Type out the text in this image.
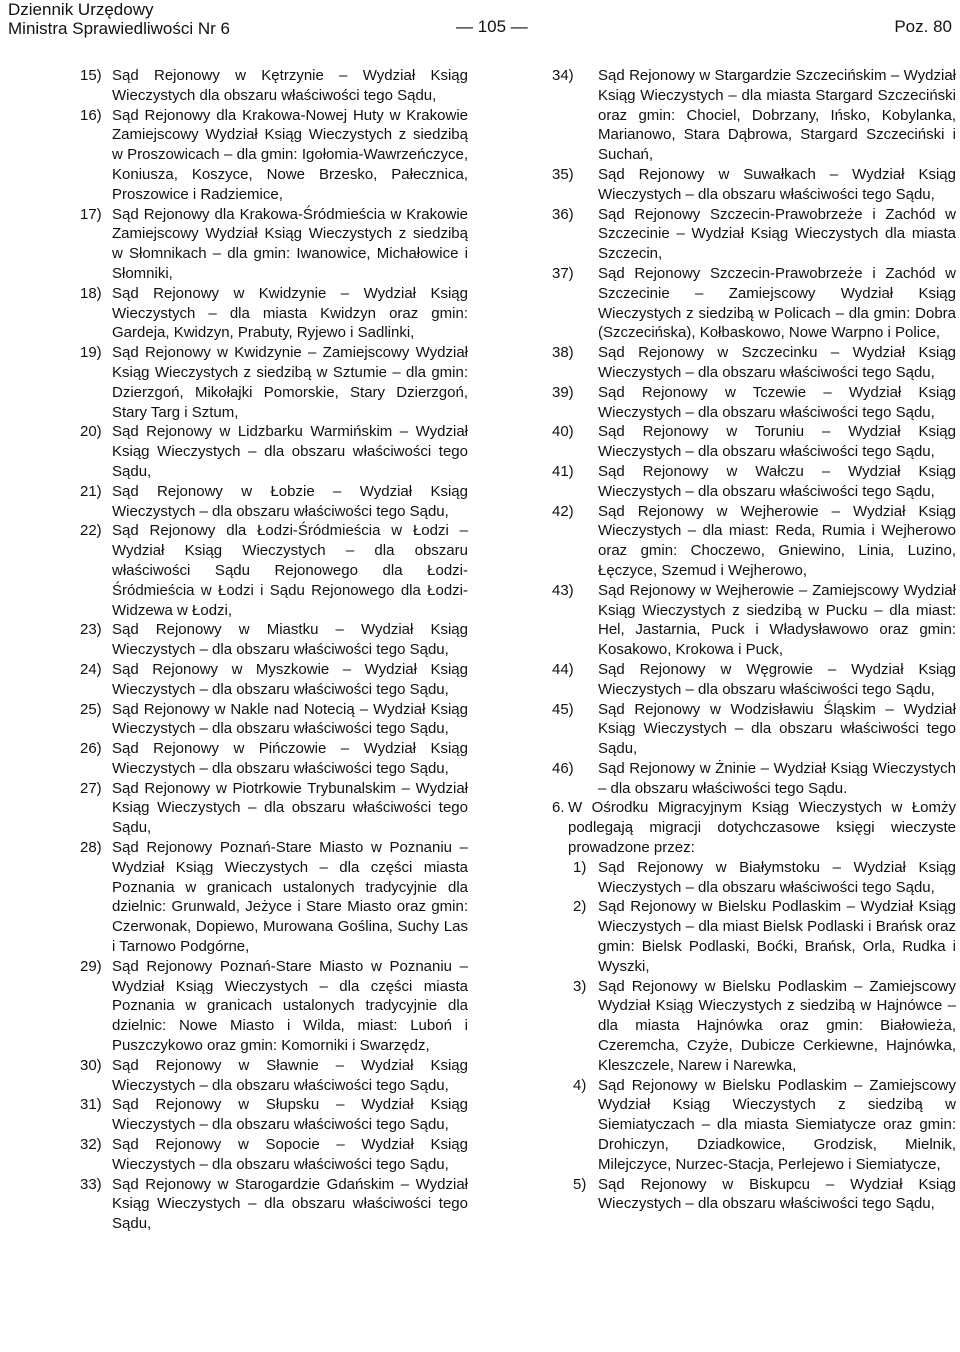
Dziennik Urzędowy
Ministra Sprawiedliwości Nr 6	— 105 —	Poz. 80

15) Sąd Rejonowy w Kętrzynie – Wydział Ksiąg Wieczystych dla obszaru właściwości tego Sądu,

16) Sąd Rejonowy dla Krakowa-Nowej Huty w Krakowie Zamiejscowy Wydział Ksiąg Wieczystych z siedzibą w Proszowicach – dla gmin: Igołomia-Wawrzeńczyce, Koniusza, Koszyce, Nowe Brzesko, Pałecznica, Proszowice i Radziemice,

17) Sąd Rejonowy dla Krakowa-Śródmieścia w Krakowie Zamiejscowy Wydział Ksiąg Wieczystych z siedzibą w Słomnikach – dla gmin: Iwanowice, Michałowice i Słomniki,

18) Sąd Rejonowy w Kwidzynie – Wydział Ksiąg Wieczystych – dla miasta Kwidzyn oraz gmin: Gardeja, Kwidzyn, Prabuty, Ryjewo i Sadlinki,

19) Sąd Rejonowy w Kwidzynie – Zamiejscowy Wydział Ksiąg Wieczystych z siedzibą w Sztumie – dla gmin: Dzierzgoń, Mikołajki Pomorskie, Stary Dzierzgoń, Stary Targ i Sztum,

20) Sąd Rejonowy w Lidzbarku Warmińskim – Wydział Ksiąg Wieczystych – dla obszaru właściwości tego Sądu,

21) Sąd Rejonowy w Łobzie – Wydział Ksiąg Wieczystych – dla obszaru właściwości tego Sądu,

22) Sąd Rejonowy dla Łodzi-Śródmieścia w Łodzi – Wydział Ksiąg Wieczystych – dla obszaru właściwości Sądu Rejonowego dla Łodzi-Śródmieścia w Łodzi i Sądu Rejonowego dla Łodzi-Widzewa w Łodzi,

23) Sąd Rejonowy w Miastku – Wydział Ksiąg Wieczystych – dla obszaru właściwości tego Sądu,

24) Sąd Rejonowy w Myszkowie – Wydział Ksiąg Wieczystych – dla obszaru właściwości tego Sądu,

25) Sąd Rejonowy w Nakle nad Notecią – Wydział Ksiąg Wieczystych – dla obszaru właściwości tego Sądu,

26) Sąd Rejonowy w Pińczowie – Wydział Ksiąg Wieczystych – dla obszaru właściwości tego Sądu,

27) Sąd Rejonowy w Piotrkowie Trybunalskim – Wydział Ksiąg Wieczystych – dla obszaru właściwości tego Sądu,

28) Sąd Rejonowy Poznań-Stare Miasto w Poznaniu – Wydział Ksiąg Wieczystych – dla części miasta Poznania w granicach ustalonych tradycyjnie dla dzielnic: Grunwald, Jeżyce i Stare Miasto oraz gmin: Czerwonak, Dopiewo, Murowana Goślina, Suchy Las i Tarnowo Podgórne,

29) Sąd Rejonowy Poznań-Stare Miasto w Poznaniu – Wydział Ksiąg Wieczystych – dla części miasta Poznania w granicach ustalonych tradycyjnie dla dzielnic: Nowe Miasto i Wilda, miast: Luboń i Puszczykowo oraz gmin: Komorniki i Swarzędz,

30) Sąd Rejonowy w Sławnie – Wydział Ksiąg Wieczystych – dla obszaru właściwości tego Sądu,

31) Sąd Rejonowy w Słupsku – Wydział Ksiąg Wieczystych – dla obszaru właściwości tego Sądu,

32) Sąd Rejonowy w Sopocie – Wydział Ksiąg Wieczystych – dla obszaru właściwości tego Sądu,

33) Sąd Rejonowy w Starogardzie Gdańskim – Wydział Ksiąg Wieczystych – dla obszaru właściwości tego Sądu,

34) Sąd Rejonowy w Stargardzie Szczecińskim – Wydział Ksiąg Wieczystych – dla miasta Stargard Szczeciński oraz gmin: Chociel, Dobrzany, Ińsko, Kobylanka, Marianowo, Stara Dąbrowa, Stargard Szczeciński i Suchań,

35) Sąd Rejonowy w Suwałkach – Wydział Ksiąg Wieczystych – dla obszaru właściwości tego Sądu,

36) Sąd Rejonowy Szczecin-Prawobrzeże i Zachód w Szczecinie – Wydział Ksiąg Wieczystych dla miasta Szczecin,

37) Sąd Rejonowy Szczecin-Prawobrzeże i Zachód w Szczecinie – Zamiejscowy Wydział Ksiąg Wieczystych z siedzibą w Policach – dla gmin: Dobra (Szczecińska), Kołbaskowo, Nowe Warpno i Police,

38) Sąd Rejonowy w Szczecinku – Wydział Ksiąg Wieczystych – dla obszaru właściwości tego Sądu,

39) Sąd Rejonowy w Tczewie – Wydział Ksiąg Wieczystych – dla obszaru właściwości tego Sądu,

40) Sąd Rejonowy w Toruniu – Wydział Ksiąg Wieczystych – dla obszaru właściwości tego Sądu,

41) Sąd Rejonowy w Wałczu – Wydział Ksiąg Wieczystych – dla obszaru właściwości tego Sądu,

42) Sąd Rejonowy w Wejherowie – Wydział Ksiąg Wieczystych – dla miast: Reda, Rumia i Wejherowo oraz gmin: Choczewo, Gniewino, Linia, Luzino, Łęczyce, Szemud i Wejherowo,

43) Sąd Rejonowy w Wejherowie – Zamiejscowy Wydział Ksiąg Wieczystych z siedzibą w Pucku – dla miast: Hel, Jastarnia, Puck i Władysławowo oraz gmin: Kosakowo, Krokowa i Puck,

44) Sąd Rejonowy w Węgrowie – Wydział Ksiąg Wieczystych – dla obszaru właściwości tego Sądu,

45) Sąd Rejonowy w Wodzisławiu Śląskim – Wydział Ksiąg Wieczystych – dla obszaru właściwości tego Sądu,

46) Sąd Rejonowy w Żninie – Wydział Ksiąg Wieczystych – dla obszaru właściwości tego Sądu.

6. W Ośrodku Migracyjnym Ksiąg Wieczystych w Łomży podlegają migracji dotychczasowe księgi wieczyste prowadzone przez:

1) Sąd Rejonowy w Białymstoku – Wydział Ksiąg Wieczystych – dla obszaru właściwości tego Sądu,

2) Sąd Rejonowy w Bielsku Podlaskim – Wydział Ksiąg Wieczystych – dla miast Bielsk Podlaski i Brańsk oraz gmin: Bielsk Podlaski, Boćki, Brańsk, Orla, Rudka i Wyszki,

3) Sąd Rejonowy w Bielsku Podlaskim – Zamiejscowy Wydział Ksiąg Wieczystych z siedzibą w Hajnówce – dla miasta Hajnówka oraz gmin: Białowieża, Czeremcha, Czyże, Dubicze Cerkiewne, Hajnówka, Kleszczele, Narew i Narewka,

4) Sąd Rejonowy w Bielsku Podlaskim – Zamiejscowy Wydział Ksiąg Wieczystych z siedzibą w Siemiatyczach – dla miasta Siemiatycze oraz gmin: Drohiczyn, Dziadkowice, Grodzisk, Mielnik, Milejczyce, Nurzec-Stacja, Perlejewo i Siemiatycze,

5) Sąd Rejonowy w Biskupcu – Wydział Ksiąg Wieczystych – dla obszaru właściwości tego Sądu,
